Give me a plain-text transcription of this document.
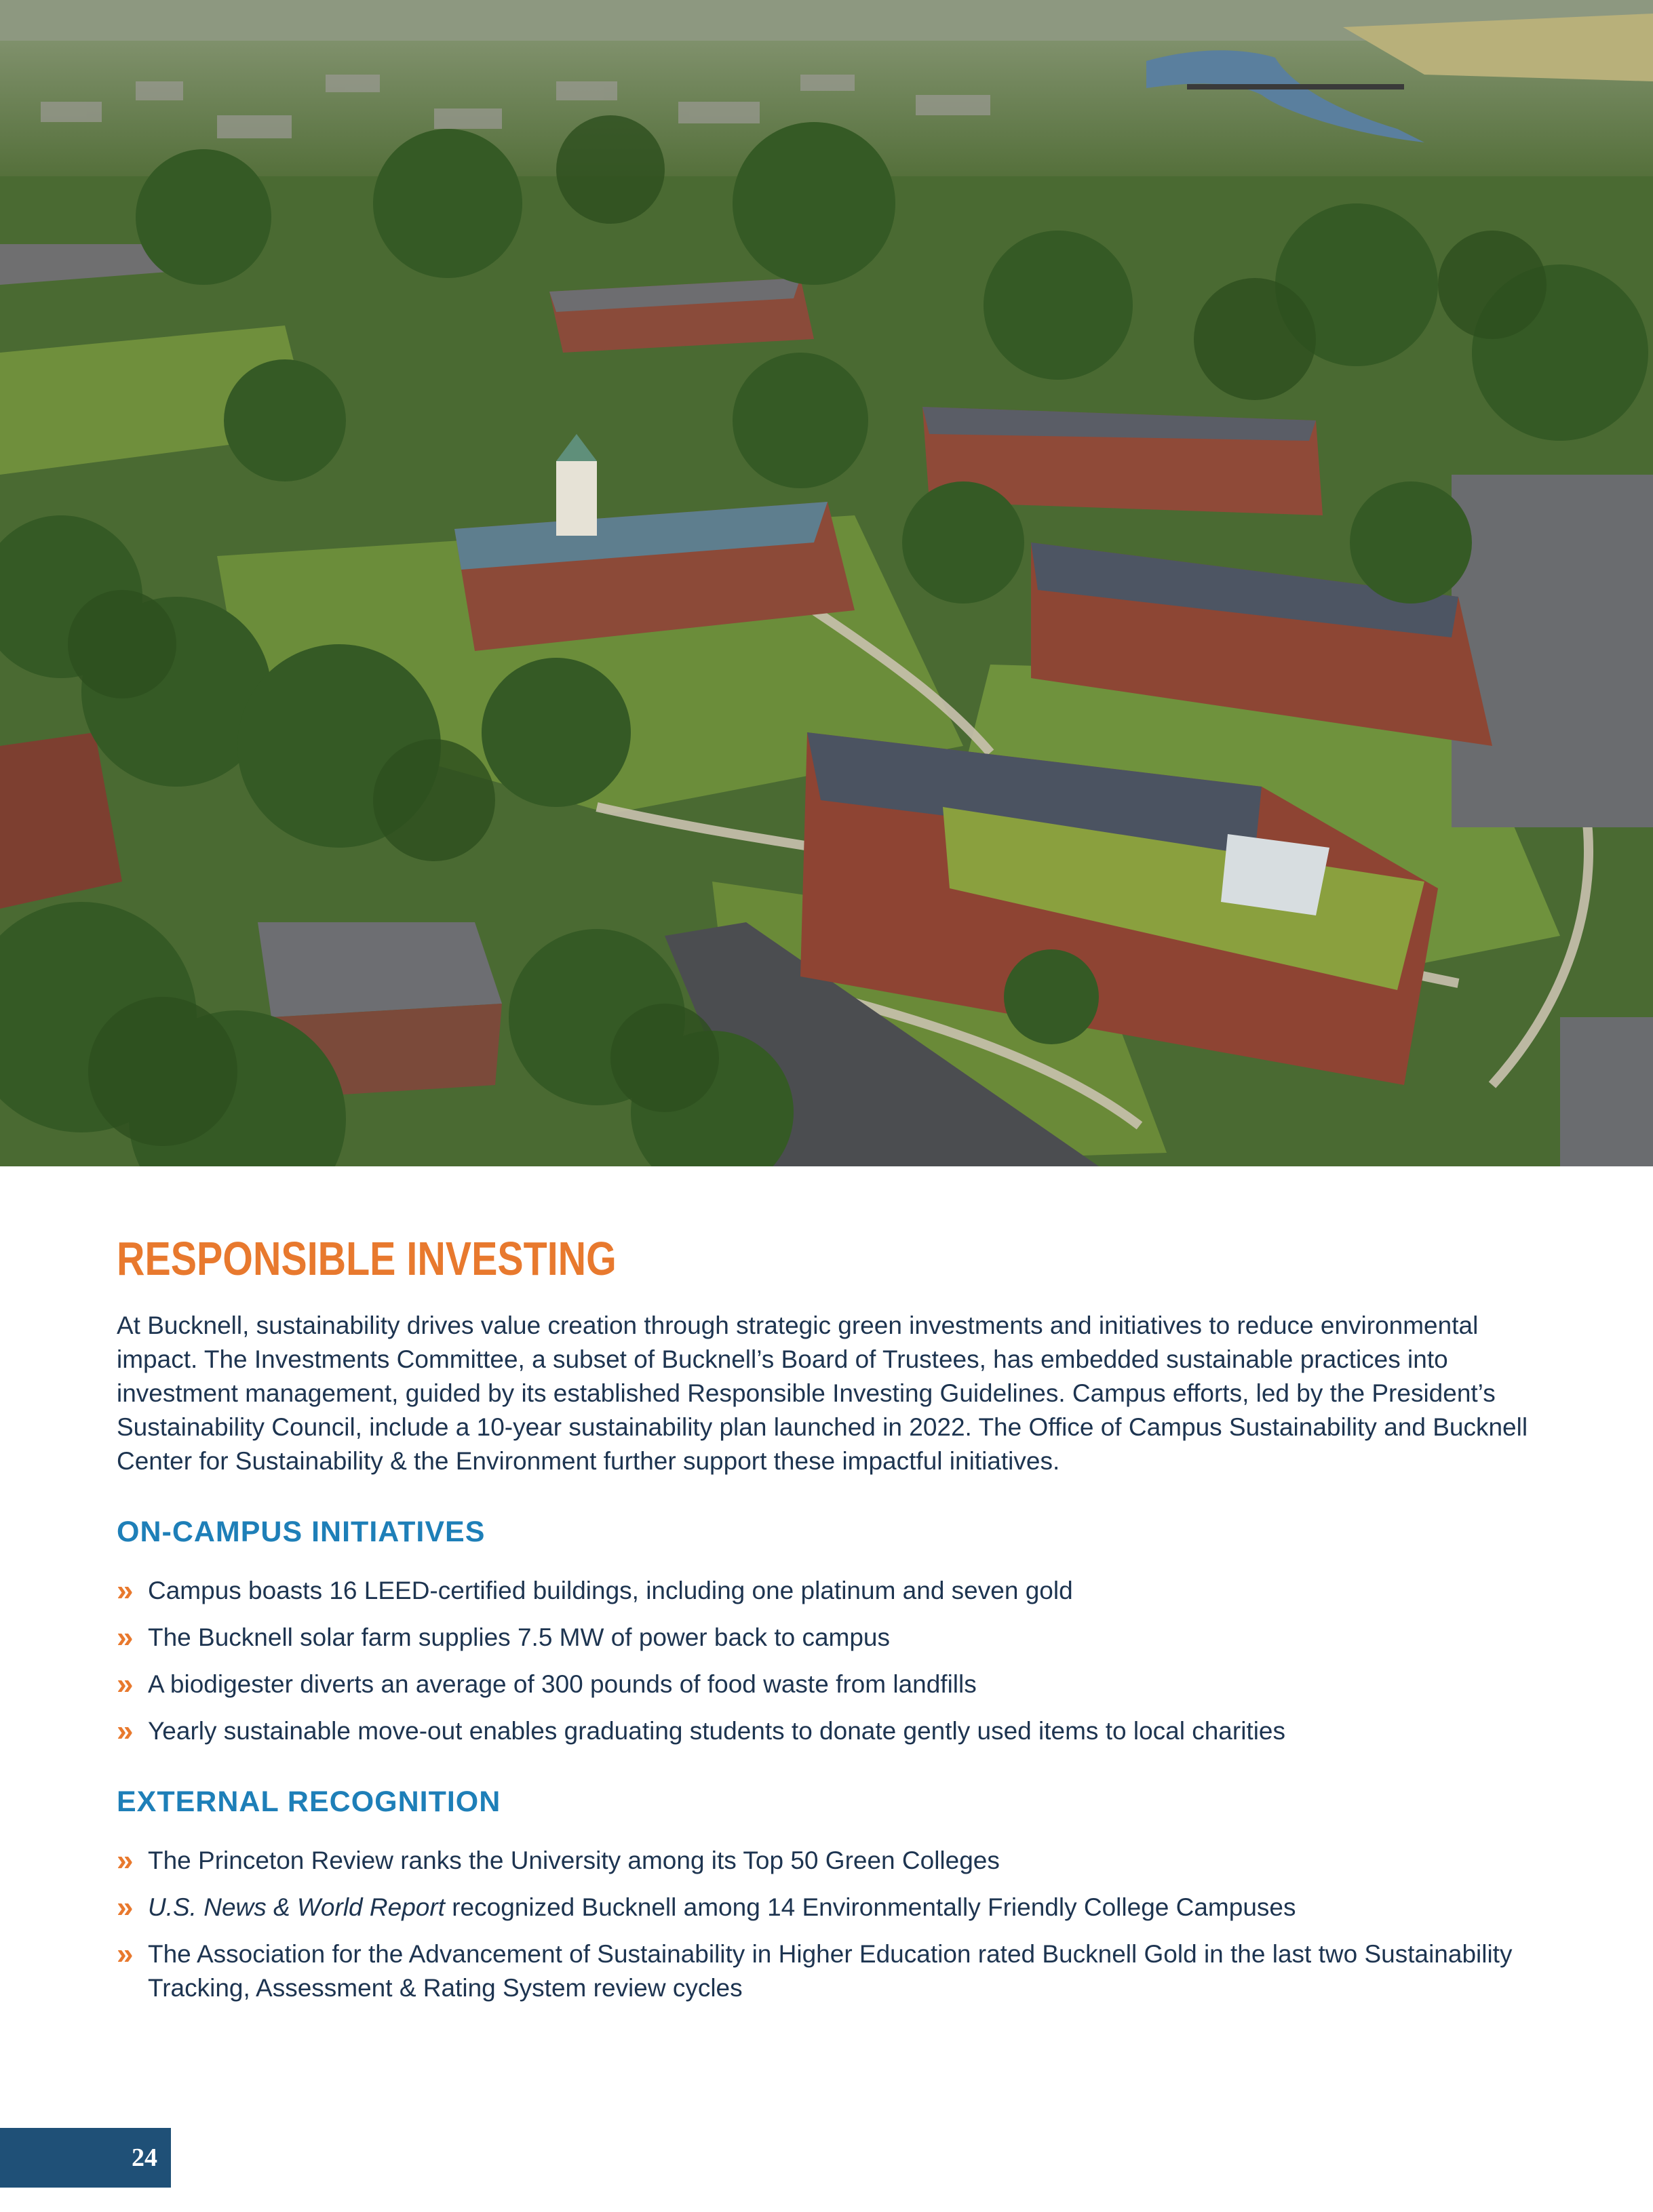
RESPONSIBLE INVESTING

At Bucknell, sustainability drives value creation through strategic green investments and initiatives to reduce environmental impact. The Investments Committee, a subset of Bucknell’s Board of Trustees, has embedded sustainable practices into investment management, guided by its established Responsible Investing Guidelines. Campus efforts, led by the President’s Sustainability Council, include a 10-year sustainability plan launched in 2022. The Office of Campus Sustainability and Bucknell Center for Sustainability & the Environment further support these impactful initiatives.

ON-CAMPUS INITIATIVES
» Campus boasts 16 LEED-certified buildings, including one platinum and seven gold
» The Bucknell solar farm supplies 7.5 MW of power back to campus
» A biodigester diverts an average of 300 pounds of food waste from landfills
» Yearly sustainable move-out enables graduating students to donate gently used items to local charities
EXTERNAL RECOGNITION
» The Princeton Review ranks the University among its Top 50 Green Colleges
» U.S. News & World Report recognized Bucknell among 14 Environmentally Friendly College Campuses
» The Association for the Advancement of Sustainability in Higher Education rated Bucknell Gold in the last two Sustainability Tracking, Assessment & Rating System review cycles
24
